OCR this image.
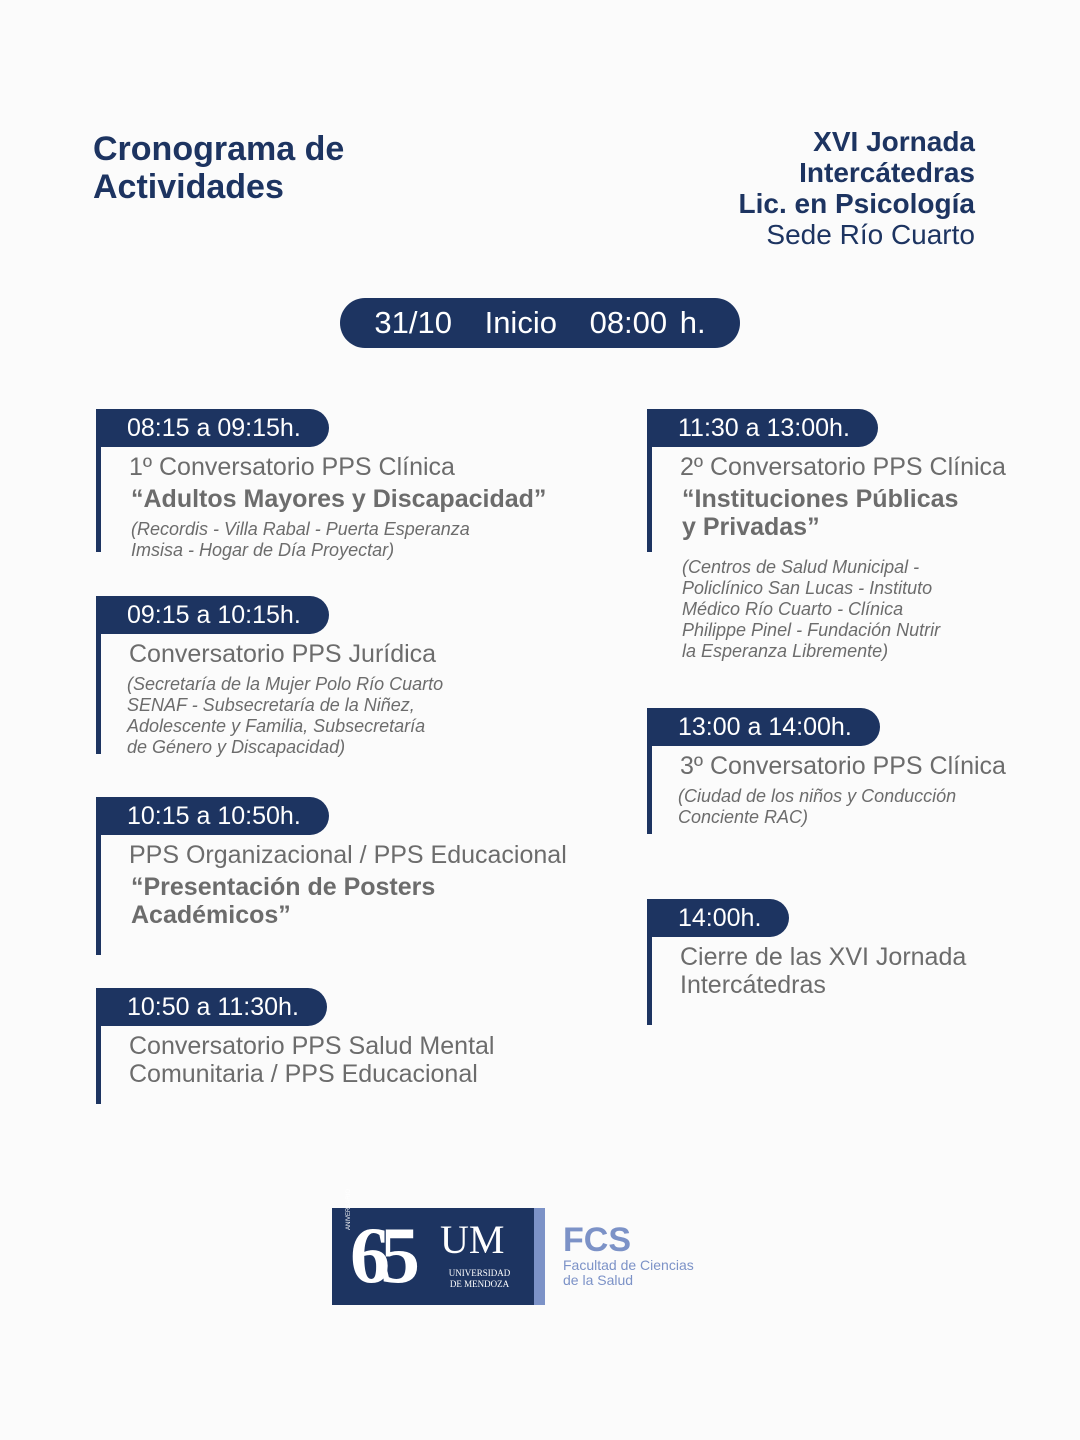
Cronograma de
Actividades
XVI Jornada
Intercátedras
Lic. en Psicología
Sede Río Cuarto
31/10 Inicio 08:00 h.
08:15 a 09:15h.
1º Conversatorio PPS Clínica
“Adultos Mayores y Discapacidad”
(Recordis - Villa Rabal - Puerta Esperanza
Imsisa - Hogar de Día Proyectar)
09:15 a 10:15h.
Conversatorio PPS Jurídica
(Secretaría de la Mujer Polo Río Cuarto
SENAF - Subsecretaría de la Niñez,
Adolescente y Familia, Subsecretaría
de Género y Discapacidad)
10:15 a 10:50h.
PPS Organizacional / PPS Educacional
“Presentación de Posters
Académicos”
10:50 a 11:30h.
Conversatorio PPS Salud Mental
Comunitaria / PPS Educacional
11:30 a 13:00h.
2º Conversatorio PPS Clínica
“Instituciones Públicas
y Privadas”
(Centros de Salud Municipal -
Policlínico San Lucas - Instituto
Médico Río Cuarto - Clínica
Philippe Pinel - Fundación Nutrir
la Esperanza Libremente)
13:00 a 14:00h.
3º Conversatorio PPS Clínica
(Ciudad de los niños y Conducción
Conciente RAC)
14:00h.
Cierre de las XVI Jornada
Intercátedras
ANIVERSARIO
65 UM
UNIVERSIDAD
DE MENDOZA
FCS
Facultad de Ciencias
de la Salud
